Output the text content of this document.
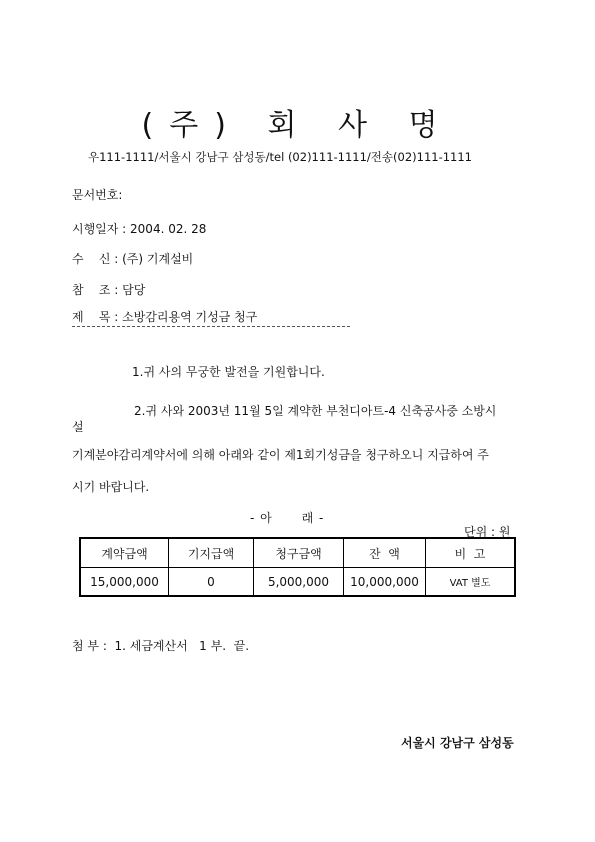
(주) 회 사 명
우111-1111/서울시 강남구 삼성동/tel (02)111-1111/전송(02)111-1111
문서번호:
시행일자 : 2004. 02. 28
수    신 : (주) 기계설비
참    조 : 담당
제    목 : 소방감리용역 기성금 청구
1.귀 사의 무궁한 발전을 기원합니다.
2.귀 사와 2003년 11월 5일 계약한 부천디아트-4 신축공사중 소방시
설
기계분야감리계약서에 의해 아래와 같이 제1회기성금을 청구하오니 지급하여 주
시기 바랍니다.
- 아      래 -
단위 : 원
계약금액	기지급액	청구금액	잔  액	비  고
15,000,000	0	5,000,000	10,000,000	VAT 별도
첨 부 :  1. 세금계산서   1 부.  끝.
서울시 강남구 삼성동
